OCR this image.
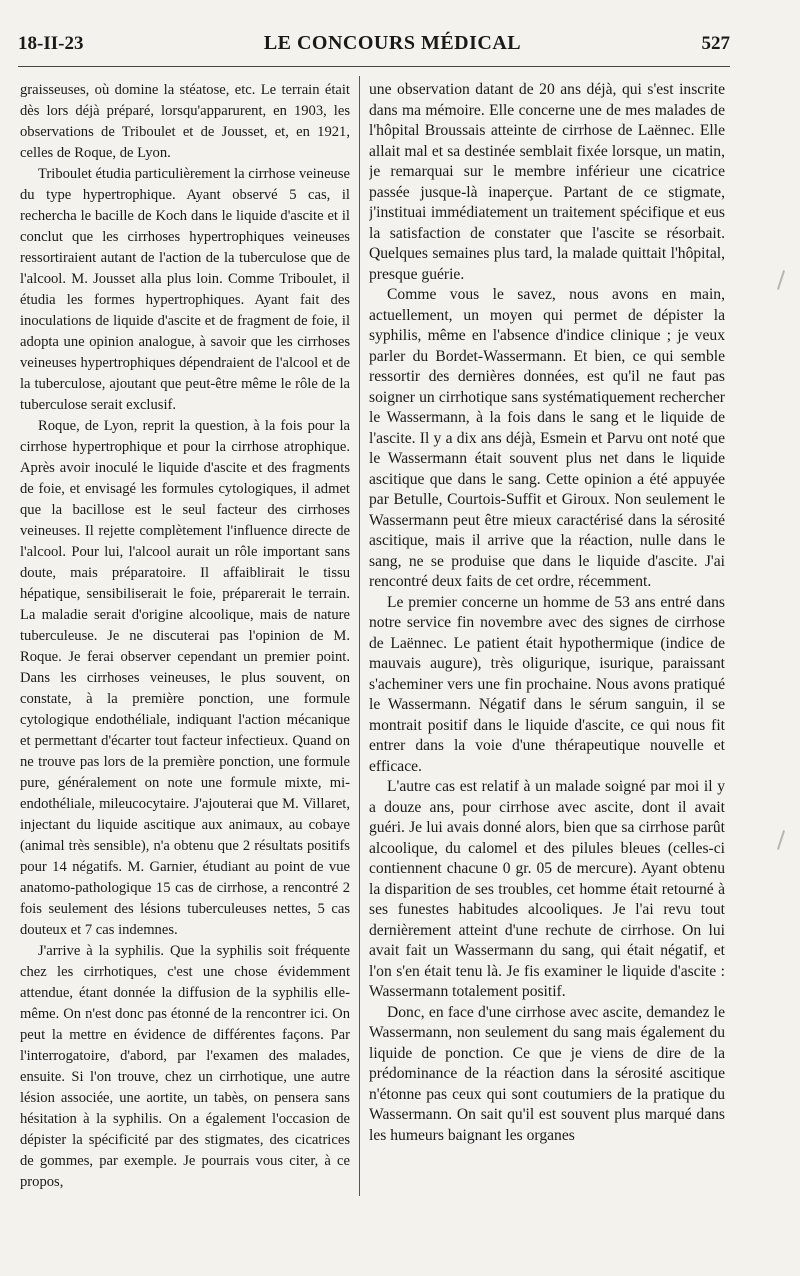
18-II-23	LE CONCOURS MÉDICAL	527

graisseuses, où domine la stéatose, etc. Le terrain était dès lors déjà préparé, lorsqu'apparurent, en 1903, les observations de Triboulet et de Jousset, et, en 1921, celles de Roque, de Lyon.

Triboulet étudia particulièrement la cirrhose veineuse du type hypertrophique. Ayant observé 5 cas, il rechercha le bacille de Koch dans le liquide d'ascite et il conclut que les cirrhoses hypertrophiques veineuses ressortiraient autant de l'action de la tuberculose que de l'alcool. M. Jousset alla plus loin. Comme Triboulet, il étudia les formes hypertrophiques. Ayant fait des inoculations de liquide d'ascite et de fragment de foie, il adopta une opinion analogue, à savoir que les cirrhoses veineuses hypertrophiques dépendraient de l'alcool et de la tuberculose, ajoutant que peut-être même le rôle de la tuberculose serait exclusif.

Roque, de Lyon, reprit la question, à la fois pour la cirrhose hypertrophique et pour la cirrhose atrophique. Après avoir inoculé le liquide d'ascite et des fragments de foie, et envisagé les formules cytologiques, il admet que la bacillose est le seul facteur des cirrhoses veineuses. Il rejette complètement l'influence directe de l'alcool. Pour lui, l'alcool aurait un rôle important sans doute, mais préparatoire. Il affaiblirait le tissu hépatique, sensibiliserait le foie, préparerait le terrain. La maladie serait d'origine alcoolique, mais de nature tuberculeuse. Je ne discuterai pas l'opinion de M. Roque. Je ferai observer cependant un premier point. Dans les cirrhoses veineuses, le plus souvent, on constate, à la première ponction, une formule cytologique endothéliale, indiquant l'action mécanique et permettant d'écarter tout facteur infectieux. Quand on ne trouve pas lors de la première ponction, une formule pure, généralement on note une formule mixte, mi-endothéliale, mileucocytaire. J'ajouterai que M. Villaret, injectant du liquide ascitique aux animaux, au cobaye (animal très sensible), n'a obtenu que 2 résultats positifs pour 14 négatifs. M. Garnier, étudiant au point de vue anatomo-pathologique 15 cas de cirrhose, a rencontré 2 fois seulement des lésions tuberculeuses nettes, 5 cas douteux et 7 cas indemnes.

J'arrive à la syphilis. Que la syphilis soit fréquente chez les cirrhotiques, c'est une chose évidemment attendue, étant donnée la diffusion de la syphilis elle-même. On n'est donc pas étonné de la rencontrer ici. On peut la mettre en évidence de différentes façons. Par l'interrogatoire, d'abord, par l'examen des malades, ensuite. Si l'on trouve, chez un cirrhotique, une autre lésion associée, une aortite, un tabès, on pensera sans hésitation à la syphilis. On a également l'occasion de dépister la spécificité par des stigmates, des cicatrices de gommes, par exemple. Je pourrais vous citer, à ce propos,

une observation datant de 20 ans déjà, qui s'est inscrite dans ma mémoire. Elle concerne une de mes malades de l'hôpital Broussais atteinte de cirrhose de Laënnec. Elle allait mal et sa destinée semblait fixée lorsque, un matin, je remarquai sur le membre inférieur une cicatrice passée jusque-là inaperçue. Partant de ce stigmate, j'instituai immédiatement un traitement spécifique et eus la satisfaction de constater que l'ascite se résorbait. Quelques semaines plus tard, la malade quittait l'hôpital, presque guérie.

Comme vous le savez, nous avons en main, actuellement, un moyen qui permet de dépister la syphilis, même en l'absence d'indice clinique ; je veux parler du Bordet-Wassermann. Et bien, ce qui semble ressortir des dernières données, est qu'il ne faut pas soigner un cirrhotique sans systématiquement rechercher le Wassermann, à la fois dans le sang et le liquide de l'ascite. Il y a dix ans déjà, Esmein et Parvu ont noté que le Wassermann était souvent plus net dans le liquide ascitique que dans le sang. Cette opinion a été appuyée par Betulle, Courtois-Suffit et Giroux. Non seulement le Wassermann peut être mieux caractérisé dans la sérosité ascitique, mais il arrive que la réaction, nulle dans le sang, ne se produise que dans le liquide d'ascite. J'ai rencontré deux faits de cet ordre, récemment.

Le premier concerne un homme de 53 ans entré dans notre service fin novembre avec des signes de cirrhose de Laënnec. Le patient était hypothermique (indice de mauvais augure), très oligurique, isurique, paraissant s'acheminer vers une fin prochaine. Nous avons pratiqué le Wassermann. Négatif dans le sérum sanguin, il se montrait positif dans le liquide d'ascite, ce qui nous fit entrer dans la voie d'une thérapeutique nouvelle et efficace.

L'autre cas est relatif à un malade soigné par moi il y a douze ans, pour cirrhose avec ascite, dont il avait guéri. Je lui avais donné alors, bien que sa cirrhose parût alcoolique, du calomel et des pilules bleues (celles-ci contiennent chacune 0 gr. 05 de mercure). Ayant obtenu la disparition de ses troubles, cet homme était retourné à ses funestes habitudes alcooliques. Je l'ai revu tout dernièrement atteint d'une rechute de cirrhose. On lui avait fait un Wassermann du sang, qui était négatif, et l'on s'en était tenu là. Je fis examiner le liquide d'ascite : Wassermann totalement positif.

Donc, en face d'une cirrhose avec ascite, demandez le Wassermann, non seulement du sang mais également du liquide de ponction. Ce que je viens de dire de la prédominance de la réaction dans la sérosité ascitique n'étonne pas ceux qui sont coutumiers de la pratique du Wassermann. On sait qu'il est souvent plus marqué dans les humeurs baignant les organes
